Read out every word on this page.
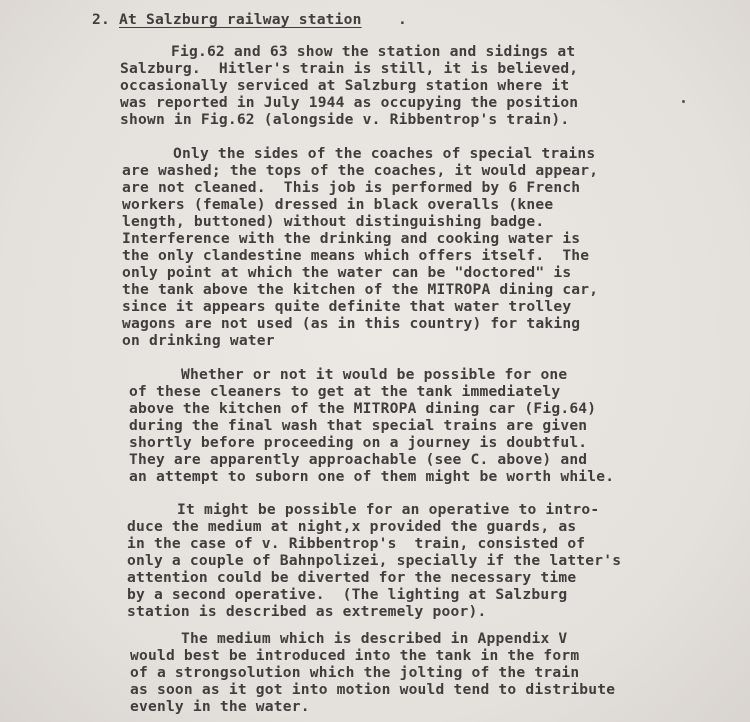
2. At Salzburg railway station .
Fig.62 and 63 show the station and sidings at
Salzburg.  Hitler's train is still, it is believed,
occasionally serviced at Salzburg station where it
was reported in July 1944 as occupying the position
shown in Fig.62 (alongside v. Ribbentrop's train).
Only the sides of the coaches of special trains
are washed; the tops of the coaches, it would appear,
are not cleaned.  This job is performed by 6 French
workers (female) dressed in black overalls (knee
length, buttoned) without distinguishing badge.
Interference with the drinking and cooking water is
the only clandestine means which offers itself.  The
only point at which the water can be "doctored" is
the tank above the kitchen of the MITROPA dining car,
since it appears quite definite that water trolley
wagons are not used (as in this country) for taking
on drinking water
Whether or not it would be possible for one
of these cleaners to get at the tank immediately
above the kitchen of the MITROPA dining car (Fig.64)
during the final wash that special trains are given
shortly before proceeding on a journey is doubtful.
They are apparently approachable (see C. above) and
an attempt to suborn one of them might be worth while.
It might be possible for an operative to intro-
duce the medium at night,x provided the guards, as
in the case of v. Ribbentrop's  train, consisted of
only a couple of Bahnpolizei, specially if the latter's
attention could be diverted for the necessary time
by a second operative.  (The lighting at Salzburg
station is described as extremely poor).
The medium which is described in Appendix V
would best be introduced into the tank in the form
of a strongsolution which the jolting of the train
as soon as it got into motion would tend to distribute
evenly in the water.
